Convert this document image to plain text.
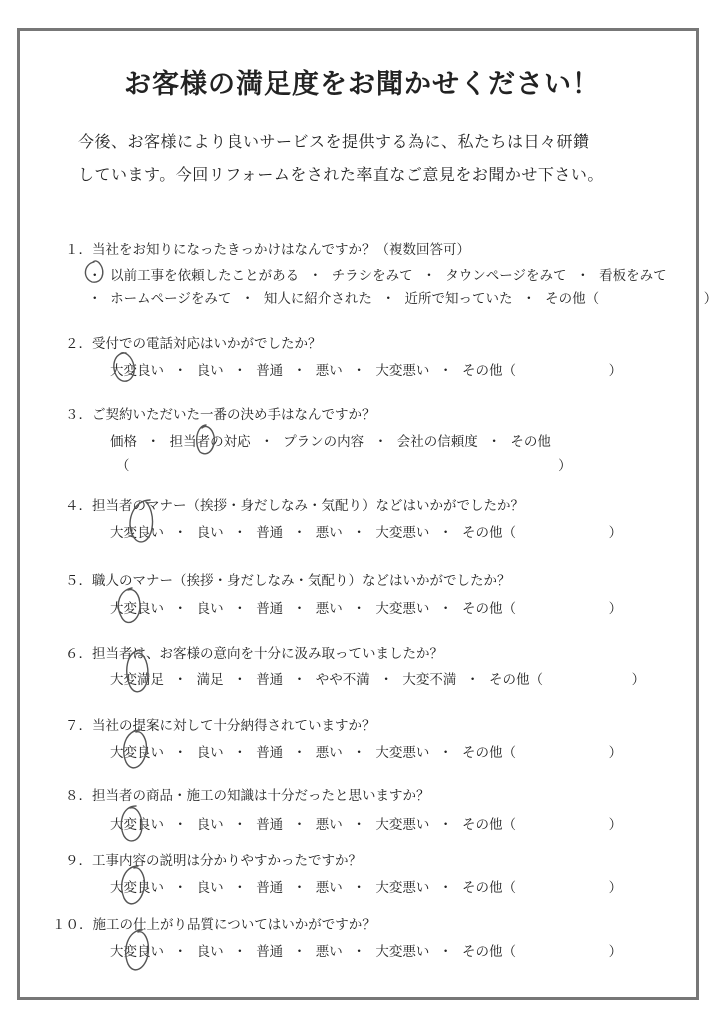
お客様の満足度をお聞かせください！
今後、お客様により良いサービスを提供する為に、私たちは日々研鑽
しています。今回リフォームをされた率直なご意見をお聞かせ下さい。
１．当社をお知りになったきっかけはなんですか？（複数回答可）
・ 以前工事を依頼したことがある ・ チラシをみて ・ タウンページをみて ・ 看板をみて
・ ホームページをみて ・ 知人に紹介された ・ 近所で知っていた ・ その他（	）
２．受付での電話対応はいかがでしたか？
大変良い ・ 良い ・ 普通 ・ 悪い ・ 大変悪い ・ その他（	）
３．ご契約いただいた一番の決め手はなんですか？
価格 ・ 担当者の対応 ・ プランの内容 ・ 会社の信頼度 ・ その他
（	）
４．担当者のマナー（挨拶・身だしなみ・気配り）などはいかがでしたか？
大変良い ・ 良い ・ 普通 ・ 悪い ・ 大変悪い ・ その他（	）
５．職人のマナー（挨拶・身だしなみ・気配り）などはいかがでしたか？
大変良い ・ 良い ・ 普通 ・ 悪い ・ 大変悪い ・ その他（	）
６．担当者は、お客様の意向を十分に汲み取っていましたか？
大変満足 ・ 満足 ・ 普通 ・ やや不満 ・ 大変不満 ・ その他（	）
７．当社の提案に対して十分納得されていますか？
大変良い ・ 良い ・ 普通 ・ 悪い ・ 大変悪い ・ その他（	）
８．担当者の商品・施工の知識は十分だったと思いますか？
大変良い ・ 良い ・ 普通 ・ 悪い ・ 大変悪い ・ その他（	）
９．工事内容の説明は分かりやすかったですか？
大変良い ・ 良い ・ 普通 ・ 悪い ・ 大変悪い ・ その他（	）
１０．施工の仕上がり品質についてはいかがですか？
大変良い ・ 良い ・ 普通 ・ 悪い ・ 大変悪い ・ その他（	）
